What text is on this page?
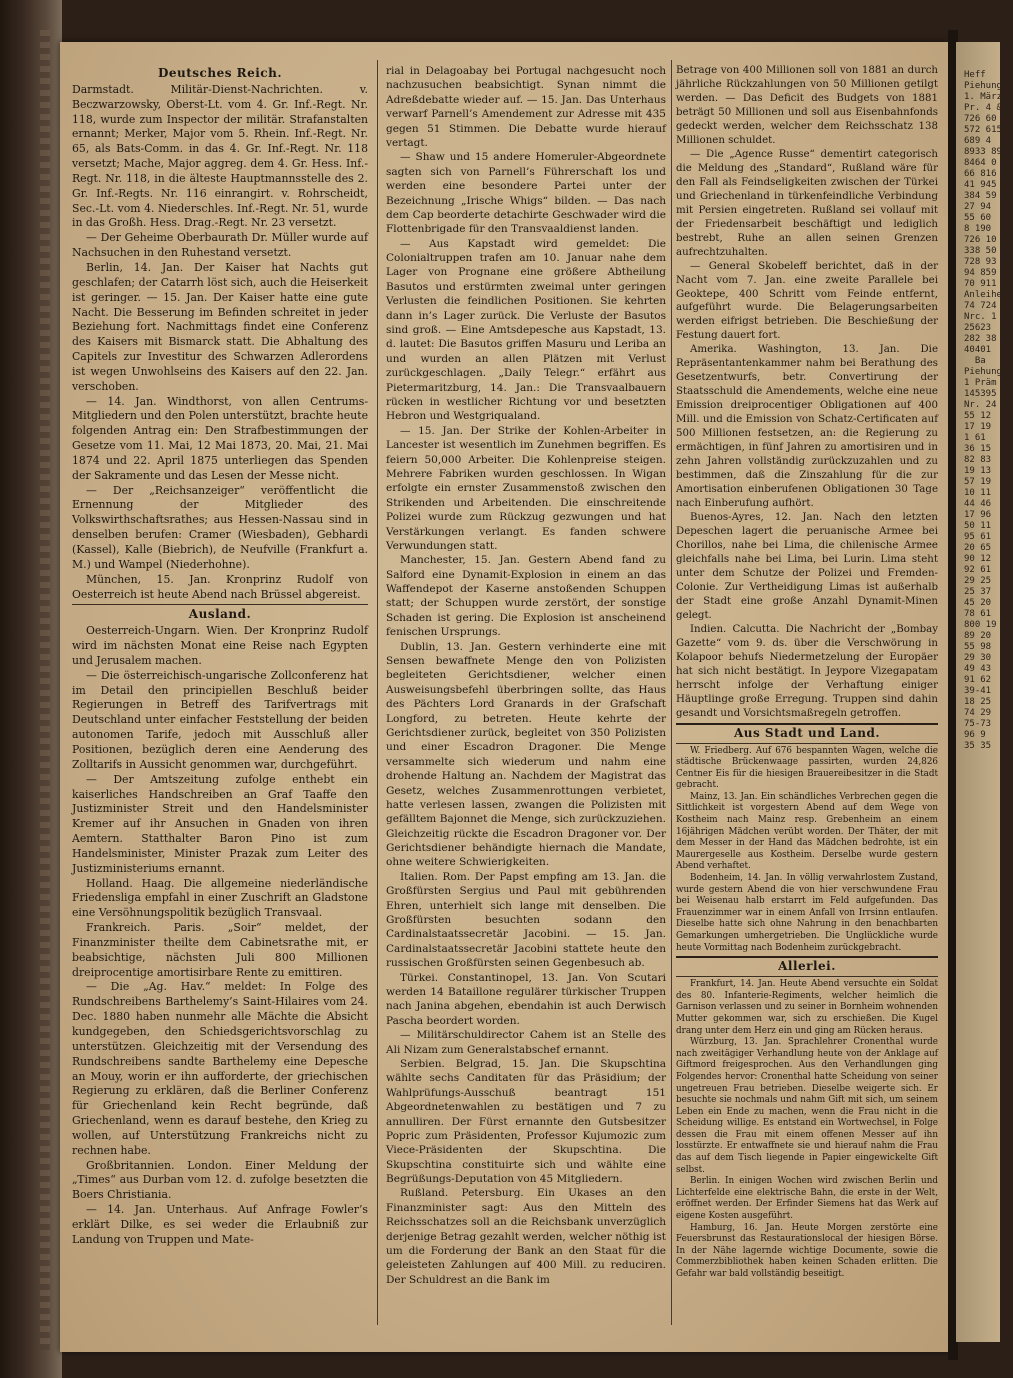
Deutsches Reich.

Darmstadt. Militär-Dienst-Nachrichten. v. Beczwarzowsky, Oberst-Lt. vom 4. Gr. Inf.-Regt. Nr. 118, wurde zum Inspector der militär. Strafanstalten ernannt; Merker, Major vom 5. Rhein. Inf.-Regt. Nr. 65, als Bats-Comm. in das 4. Gr. Inf.-Regt. Nr. 118 versetzt; Mache, Major aggreg. dem 4. Gr. Hess. Inf.-Regt. Nr. 118, in die älteste Hauptmannsstelle des 2. Gr. Inf.-Regts. Nr. 116 einrangirt. v. Rohrscheidt, Sec.-Lt. vom 4. Niederschles. Inf.-Regt. Nr. 51, wurde in das Großh. Hess. Drag.-Regt. Nr. 23 versetzt.

— Der Geheime Oberbaurath Dr. Müller wurde auf Nachsuchen in den Ruhestand versetzt.

Berlin, 14. Jan. Der Kaiser hat Nachts gut geschlafen; der Catarrh löst sich, auch die Heiserkeit ist geringer. — 15. Jan. Der Kaiser hatte eine gute Nacht. Die Besserung im Befinden schreitet in jeder Beziehung fort. Nachmittags findet eine Conferenz des Kaisers mit Bismarck statt. Die Abhaltung des Capitels zur Investitur des Schwarzen Adlerordens ist wegen Unwohlseins des Kaisers auf den 22. Jan. verschoben.

— 14. Jan. Windthorst, von allen Centrums-Mitgliedern und den Polen unterstützt, brachte heute folgenden Antrag ein: Den Strafbestimmungen der Gesetze vom 11. Mai, 12 Mai 1873, 20. Mai, 21. Mai 1874 und 22. April 1875 unterliegen das Spenden der Sakramente und das Lesen der Messe nicht.

— Der „Reichsanzeiger“ veröffentlicht die Ernennung der Mitglieder des Volkswirthschaftsrathes; aus Hessen-Nassau sind in denselben berufen: Cramer (Wiesbaden), Gebhardi (Kassel), Kalle (Biebrich), de Neufville (Frankfurt a. M.) und Wampel (Niederhohne).

München, 15. Jan. Kronprinz Rudolf von Oesterreich ist heute Abend nach Brüssel abgereist.

Ausland.

Oesterreich-Ungarn. Wien. Der Kronprinz Rudolf wird im nächsten Monat eine Reise nach Egypten und Jerusalem machen.

— Die österreichisch-ungarische Zollconferenz hat im Detail den principiellen Beschluß beider Regierungen in Betreff des Tarifvertrags mit Deutschland unter einfacher Feststellung der beiden autonomen Tarife, jedoch mit Ausschluß aller Positionen, bezüglich deren eine Aenderung des Zolltarifs in Aussicht genommen war, durchgeführt.

— Der Amtszeitung zufolge enthebt ein kaiserliches Handschreiben an Graf Taaffe den Justizminister Streit und den Handelsminister Kremer auf ihr Ansuchen in Gnaden von ihren Aemtern. Statthalter Baron Pino ist zum Handelsminister, Minister Prazak zum Leiter des Justizministeriums ernannt.

Holland. Haag. Die allgemeine niederländische Friedensliga empfahl in einer Zuschrift an Gladstone eine Versöhnungspolitik bezüglich Transvaal.

Frankreich. Paris. „Soir“ meldet, der Finanzminister theilte dem Cabinetsrathe mit, er beabsichtige, nächsten Juli 800 Millionen dreiprocentige amortisirbare Rente zu emittiren.

— Die „Ag. Hav.“ meldet: In Folge des Rundschreibens Barthelemy’s Saint-Hilaires vom 24. Dec. 1880 haben nunmehr alle Mächte die Absicht kundgegeben, den Schiedsgerichtsvorschlag zu unterstützen. Gleichzeitig mit der Versendung des Rundschreibens sandte Barthelemy eine Depesche an Mouy, worin er ihn aufforderte, der griechischen Regierung zu erklären, daß die Berliner Conferenz für Griechenland kein Recht begründe, daß Griechenland, wenn es darauf bestehe, den Krieg zu wollen, auf Unterstützung Frankreichs nicht zu rechnen habe.

Großbritannien. London. Einer Meldung der „Times“ aus Durban vom 12. d. zufolge besetzten die Boers Christiania.

— 14. Jan. Unterhaus. Auf Anfrage Fowler’s erklärt Dilke, es sei weder die Erlaubniß zur Landung von Truppen und Mate-

rial in Delagoabay bei Portugal nachgesucht noch nachzusuchen beabsichtigt. Synan nimmt die Adreßdebatte wieder auf. — 15. Jan. Das Unterhaus verwarf Parnell’s Amendement zur Adresse mit 435 gegen 51 Stimmen. Die Debatte wurde hierauf vertagt.

— Shaw und 15 andere Homeruler-Abgeordnete sagten sich von Parnell’s Führerschaft los und werden eine besondere Partei unter der Bezeichnung „Irische Whigs“ bilden. — Das nach dem Cap beorderte detachirte Geschwader wird die Flottenbrigade für den Transvaaldienst landen.

— Aus Kapstadt wird gemeldet: Die Colonialtruppen trafen am 10. Januar nahe dem Lager von Prognane eine größere Abtheilung Basutos und erstürmten zweimal unter geringen Verlusten die feindlichen Positionen. Sie kehrten dann in’s Lager zurück. Die Verluste der Basutos sind groß. — Eine Amtsdepesche aus Kapstadt, 13. d. lautet: Die Basutos griffen Masuru und Leriba an und wurden an allen Plätzen mit Verlust zurückgeschlagen. „Daily Telegr.“ erfährt aus Pietermaritzburg, 14. Jan.: Die Transvaalbauern rücken in westlicher Richtung vor und besetzten Hebron und Westgriqualand.

— 15. Jan. Der Strike der Kohlen-Arbeiter in Lancester ist wesentlich im Zunehmen begriffen. Es feiern 50,000 Arbeiter. Die Kohlenpreise steigen. Mehrere Fabriken wurden geschlossen. In Wigan erfolgte ein ernster Zusammenstoß zwischen den Strikenden und Arbeitenden. Die einschreitende Polizei wurde zum Rückzug gezwungen und hat Verstärkungen verlangt. Es fanden schwere Verwundungen statt.

Manchester, 15. Jan. Gestern Abend fand zu Salford eine Dynamit-Explosion in einem an das Waffendepot der Kaserne anstoßenden Schuppen statt; der Schuppen wurde zerstört, der sonstige Schaden ist gering. Die Explosion ist anscheinend fenischen Ursprungs.

Dublin, 13. Jan. Gestern verhinderte eine mit Sensen bewaffnete Menge den von Polizisten begleiteten Gerichtsdiener, welcher einen Ausweisungsbefehl überbringen sollte, das Haus des Pächters Lord Granards in der Grafschaft Longford, zu betreten. Heute kehrte der Gerichtsdiener zurück, begleitet von 350 Polizisten und einer Escadron Dragoner. Die Menge versammelte sich wiederum und nahm eine drohende Haltung an. Nachdem der Magistrat das Gesetz, welches Zusammenrottungen verbietet, hatte verlesen lassen, zwangen die Polizisten mit gefälltem Bajonnet die Menge, sich zurückzuziehen. Gleichzeitig rückte die Escadron Dragoner vor. Der Gerichtsdiener behändigte hiernach die Mandate, ohne weitere Schwierigkeiten.

Italien. Rom. Der Papst empfing am 13. Jan. die Großfürsten Sergius und Paul mit gebührenden Ehren, unterhielt sich lange mit denselben. Die Großfürsten besuchten sodann den Cardinalstaatssecretär Jacobini. — 15. Jan. Cardinalstaatssecretär Jacobini stattete heute den russischen Großfürsten seinen Gegenbesuch ab.

Türkei. Constantinopel, 13. Jan. Von Scutari werden 14 Bataillone regulärer türkischer Truppen nach Janina abgehen, ebendahin ist auch Derwisch Pascha beordert worden.

— Militärschuldirector Cahem ist an Stelle des Ali Nizam zum Generalstabschef ernannt.

Serbien. Belgrad, 15. Jan. Die Skupschtina wählte sechs Canditaten für das Präsidium; der Wahlprüfungs-Ausschuß beantragt 151 Abgeordnetenwahlen zu bestätigen und 7 zu annulliren. Der Fürst ernannte den Gutsbesitzer Popric zum Präsidenten, Professor Kujumozic zum Viece-Präsidenten der Skupschtina. Die Skupschtina constituirte sich und wählte eine Begrüßungs-Deputation von 45 Mitgliedern.

Rußland. Petersburg. Ein Ukases an den Finanzminister sagt: Aus den Mitteln des Reichsschatzes soll an die Reichsbank unverzüglich derjenige Betrag gezahlt werden, welcher nöthig ist um die Forderung der Bank an den Staat für die geleisteten Zahlungen auf 400 Mill. zu reduciren. Der Schuldrest an die Bank im

Betrage von 400 Millionen soll von 1881 an durch jährliche Rückzahlungen von 50 Millionen getilgt werden. — Das Deficit des Budgets von 1881 beträgt 50 Millionen und soll aus Eisenbahnfonds gedeckt werden, welcher dem Reichsschatz 138 Millionen schuldet.

— Die „Agence Russe“ dementirt categorisch die Meldung des „Standard“, Rußland wäre für den Fall als Feindseligkeiten zwischen der Türkei und Griechenland in türkenfeindliche Verbindung mit Persien eingetreten. Rußland sei vollauf mit der Friedensarbeit beschäftigt und lediglich bestrebt, Ruhe an allen seinen Grenzen aufrechtzuhalten.

— General Skobeleff berichtet, daß in der Nacht vom 7. Jan. eine zweite Parallele bei Geoktepe, 400 Schritt vom Feinde entfernt, aufgeführt wurde. Die Belagerungsarbeiten werden eifrigst betrieben. Die Beschießung der Festung dauert fort.

Amerika. Washington, 13. Jan. Die Repräsentantenkammer nahm bei Berathung des Gesetzentwurfs, betr. Convertirung der Staatsschuld die Amendements, welche eine neue Emission dreiprocentiger Obligationen auf 400 Mill. und die Emission von Schatz-Certificaten auf 500 Millionen festsetzen, an: die Regierung zu ermächtigen, in fünf Jahren zu amortisiren und in zehn Jahren vollständig zurückzuzahlen und zu bestimmen, daß die Zinszahlung für die zur Amortisation einberufenen Obligationen 30 Tage nach Einberufung aufhört.

Buenos-Ayres, 12. Jan. Nach den letzten Depeschen lagert die peruanische Armee bei Chorillos, nahe bei Lima, die chilenische Armee gleichfalls nahe bei Lima, bei Lurin. Lima steht unter dem Schutze der Polizei und Fremden-Colonie. Zur Vertheidigung Limas ist außerhalb der Stadt eine große Anzahl Dynamit-Minen gelegt.

Indien. Calcutta. Die Nachricht der „Bombay Gazette“ vom 9. ds. über die Verschwörung in Kolapoor behufs Niedermetzelung der Europäer hat sich nicht bestätigt. In Jeypore Vizegapatam herrscht infolge der Verhaftung einiger Häuptlinge große Erregung. Truppen sind dahin gesandt und Vorsichtsmaßregeln getroffen.

Aus Stadt und Land.

W. Friedberg. Auf 676 bespannten Wagen, welche die städtische Brückenwaage passirten, wurden 24,826 Centner Eis für die hiesigen Brauereibesitzer in die Stadt gebracht.

Mainz, 13. Jan. Ein schändliches Verbrechen gegen die Sittlichkeit ist vorgestern Abend auf dem Wege von Kostheim nach Mainz resp. Grebenheim an einem 16jährigen Mädchen verübt worden. Der Thäter, der mit dem Messer in der Hand das Mädchen bedrohte, ist ein Maurergeselle aus Kostheim. Derselbe wurde gestern Abend verhaftet.

Bodenheim, 14. Jan. In völlig verwahrlostem Zustand, wurde gestern Abend die von hier verschwundene Frau bei Weisenau halb erstarrt im Feld aufgefunden. Das Frauenzimmer war in einem Anfall von Irrsinn entlaufen. Dieselbe hatte sich ohne Nahrung in den benachbarten Gemarkungen umhergetrieben. Die Unglückliche wurde heute Vormittag nach Bodenheim zurückgebracht.

Allerlei.

Frankfurt, 14. Jan. Heute Abend versuchte ein Soldat des 80. Infanterie-Regiments, welcher heimlich die Garnison verlassen und zu seiner in Bornheim wohnenden Mutter gekommen war, sich zu erschießen. Die Kugel drang unter dem Herz ein und ging am Rücken heraus.

Würzburg, 13. Jan. Sprachlehrer Cronenthal wurde nach zweitägiger Verhandlung heute von der Anklage auf Giftmord freigesprochen. Aus den Verhandlungen ging Folgendes hervor: Cronenthal hatte Scheidung von seiner ungetreuen Frau betrieben. Dieselbe weigerte sich. Er besuchte sie nochmals und nahm Gift mit sich, um seinem Leben ein Ende zu machen, wenn die Frau nicht in die Scheidung willige. Es entstand ein Wortwechsel, in Folge dessen die Frau mit einem offenen Messer auf ihn losstürzte. Er entwaffnete sie und hierauf nahm die Frau das auf dem Tisch liegende in Papier eingewickelte Gift selbst.

Berlin. In einigen Wochen wird zwischen Berlin und Lichterfelde eine elektrische Bahn, die erste in der Welt, eröffnet werden. Der Erfinder Siemens hat das Werk auf eigene Kosten ausgeführt.

Hamburg, 16. Jan. Heute Morgen zerstörte eine Feuersbrunst das Restaurationslocal der hiesigen Börse. In der Nähe lagernde wichtige Documente, sowie die Commerzbibliothek haben keinen Schaden erlitten. Die Gefahr war bald vollständig beseitigt.

Heff
Piehung
1. März
Pr. 4 & 3
726 60
572 615
689 4
8933 89
8464 0
66 816
41 945
384 59
27 94
55 60
8 190
726 10
338 50
728 93
94 859
70 911
Anleihen
74 724
Nrc. 1
25623
282 38
40401
Ba
Piehung
1 Präm
145395
Nr. 24
55 12
17 19
1 61
36 15
82 83
19 13
57 19
10 11
44 46
17 96
50 11
95 61
20 65
90 12
92 61
29 25
25 37
45 20
78 61
800 19
89 20
55 98
29 30
49 43
91 62
39-41
18 25
74 29
75-73
96 9
35 35
